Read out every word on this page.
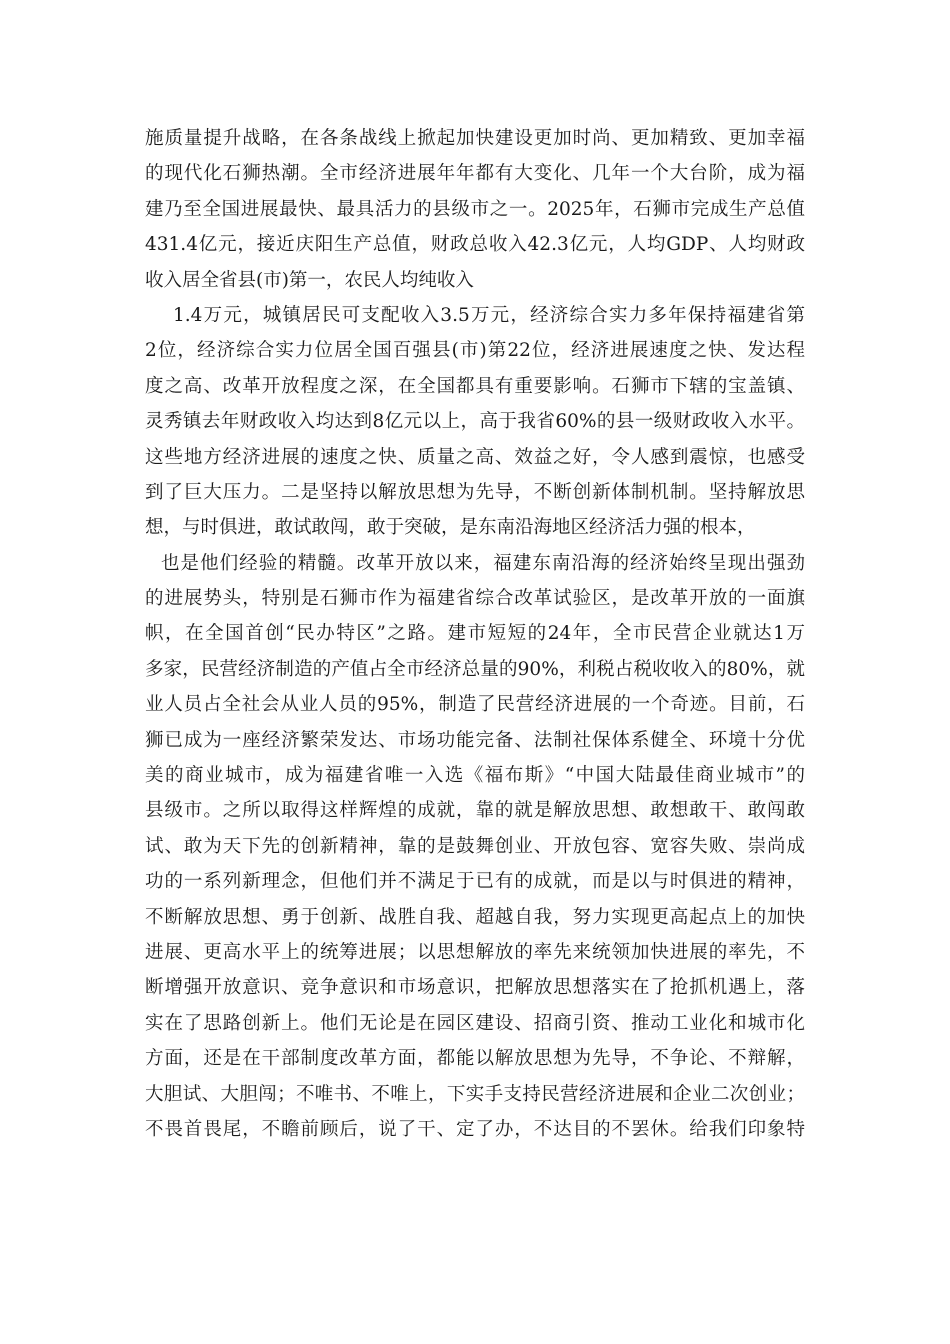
施质量提升战略，在各条战线上掀起加快建设更加时尚、更加精致、更加幸福
的现代化石狮热潮。全市经济进展年年都有大变化、几年一个大台阶，成为福
建乃至全国进展最快、最具活力的县级市之一。2025年，石狮市完成生产总值
431.4亿元，接近庆阳生产总值，财政总收入42.3亿元，人均GDP、人均财政
收入居全省县(市)第一，农民人均纯收入
1.4万元，城镇居民可支配收入3.5万元，经济综合实力多年保持福建省第
2位，经济综合实力位居全国百强县(市)第22位，经济进展速度之快、发达程
度之高、改革开放程度之深，在全国都具有重要影响。石狮市下辖的宝盖镇、
灵秀镇去年财政收入均达到8亿元以上，高于我省60%的县一级财政收入水平。
这些地方经济进展的速度之快、质量之高、效益之好，令人感到震惊，也感受
到了巨大压力。二是坚持以解放思想为先导，不断创新体制机制。坚持解放思
想，与时俱进，敢试敢闯，敢于突破，是东南沿海地区经济活力强的根本，
也是他们经验的精髓。改革开放以来，福建东南沿海的经济始终呈现出强劲
的进展势头，特别是石狮市作为福建省综合改革试验区，是改革开放的一面旗
帜，在全国首创“民办特区”之路。建市短短的24年，全市民营企业就达1万
多家，民营经济制造的产值占全市经济总量的90%，利税占税收收入的80%，就
业人员占全社会从业人员的95%，制造了民营经济进展的一个奇迹。目前，石
狮已成为一座经济繁荣发达、市场功能完备、法制社保体系健全、环境十分优
美的商业城市，成为福建省唯一入选《福布斯》“中国大陆最佳商业城市”的
县级市。之所以取得这样辉煌的成就，靠的就是解放思想、敢想敢干、敢闯敢
试、敢为天下先的创新精神，靠的是鼓舞创业、开放包容、宽容失败、崇尚成
功的一系列新理念，但他们并不满足于已有的成就，而是以与时俱进的精神，
不断解放思想、勇于创新、战胜自我、超越自我，努力实现更高起点上的加快
进展、更高水平上的统筹进展；以思想解放的率先来统领加快进展的率先，不
断增强开放意识、竞争意识和市场意识，把解放思想落实在了抢抓机遇上，落
实在了思路创新上。他们无论是在园区建设、招商引资、推动工业化和城市化
方面，还是在干部制度改革方面，都能以解放思想为先导，不争论、不辩解，
大胆试、大胆闯；不唯书、不唯上，下实手支持民营经济进展和企业二次创业；
不畏首畏尾，不瞻前顾后，说了干、定了办，不达目的不罢休。给我们印象特
